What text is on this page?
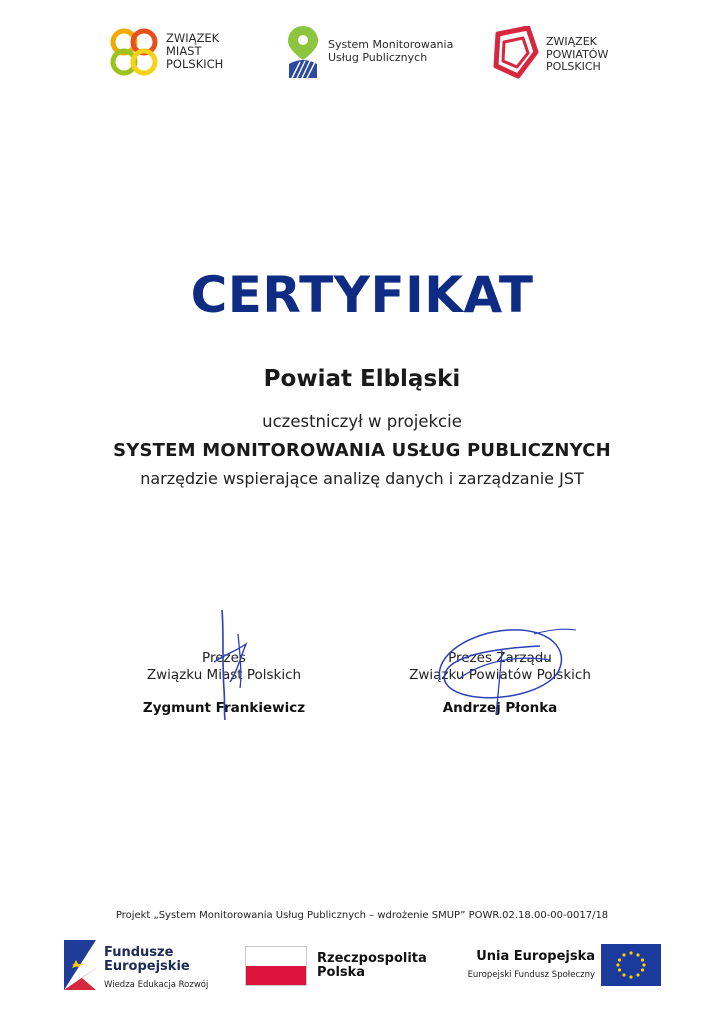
ZWIĄZEK
MIAST
POLSKICH
System Monitorowania
Usług Publicznych
ZWIĄZEK
POWIATÓW
POLSKICH
CERTYFIKAT
Powiat Elbląski
uczestniczył w projekcie
SYSTEM MONITOROWANIA USŁUG PUBLICZNYCH
narzędzie wspierające analizę danych i zarządzanie JST
Prezes
Związku Miast Polskich
Zygmunt Frankiewicz
Prezes Zarządu
Związku Powiatów Polskich
Andrzej Płonka
Projekt „System Monitorowania Usług Publicznych – wdrożenie SMUP” POWR.02.18.00-00-0017/18
Fundusze
Europejskie
Wiedza Edukacja Rozwój
Rzeczpospolita
Polska
Unia Europejska
Europejski Fundusz Społeczny
